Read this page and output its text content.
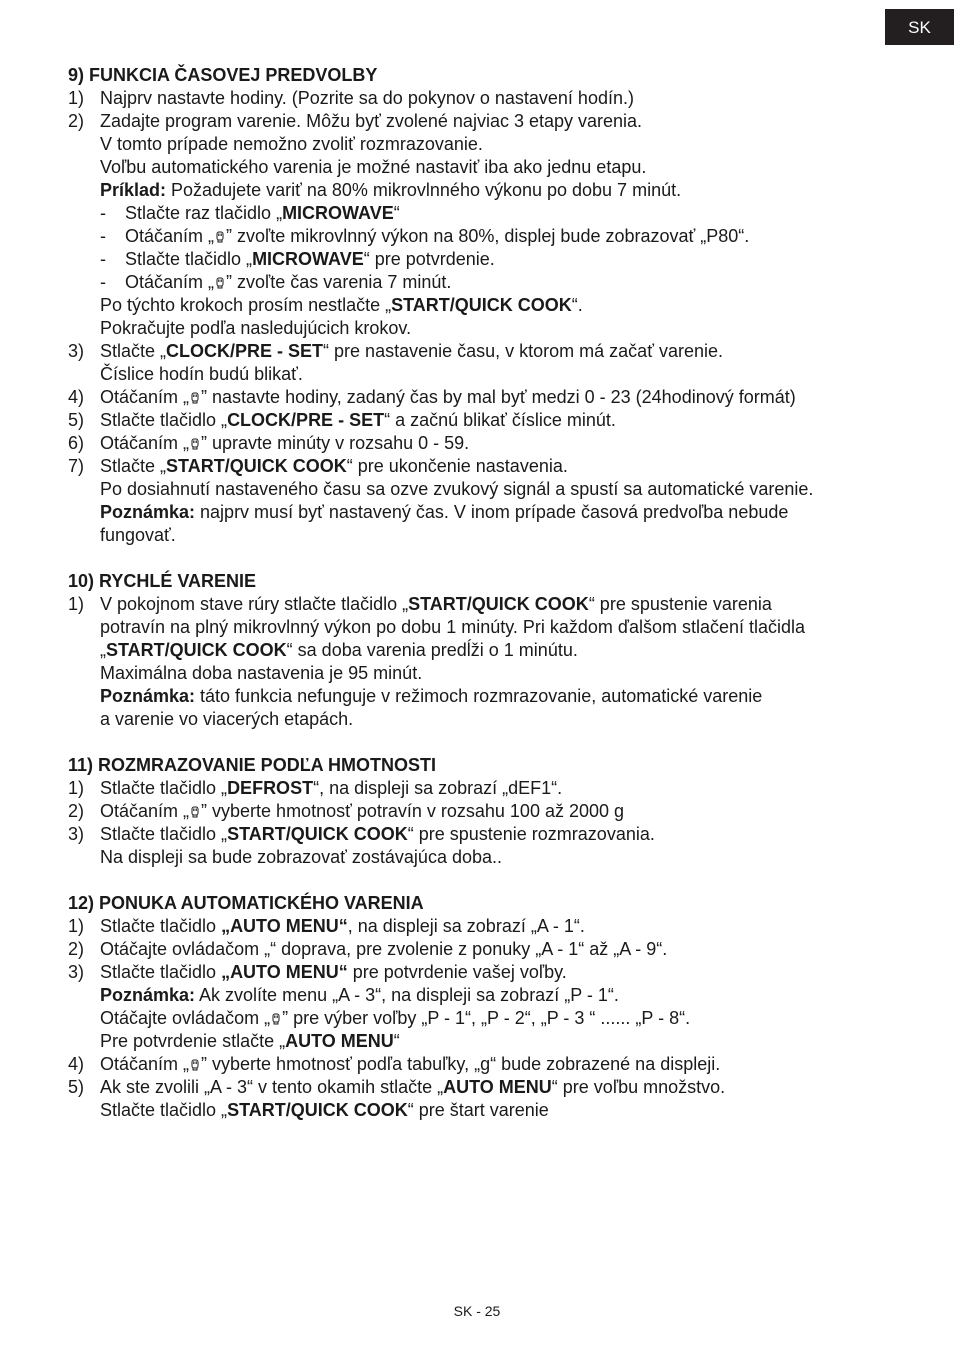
SK

9) FUNKCIA ČASOVEJ PREDVOLBY

1) Najprv nastavte hodiny. (Pozrite sa do pokynov o nastavení hodín.)
2) Zadajte program varenie. Môžu byť zvolené najviac 3 etapy varenia.
V tomto prípade nemožno zvoliť rozmrazovanie.
Voľbu automatického varenia je možné nastaviť iba ako jednu etapu.
Príklad: Požadujete variť na 80% mikrovlnného výkonu po dobu 7 minút.
- Stlačte raz tlačidlo „MICROWAVE“
- Otáčaním „ ” zvoľte mikrovlnný výkon na 80%, displej bude zobrazovať „P80“.
- Stlačte tlačidlo „MICROWAVE“ pre potvrdenie.
- Otáčaním „ ” zvoľte čas varenia 7 minút.
Po týchto krokoch prosím nestlačte „START/QUICK COOK“.
Pokračujte podľa nasledujúcich krokov.
3) Stlačte „CLOCK/PRE - SET“ pre nastavenie času, v ktorom má začať varenie.
Číslice hodín budú blikať.
4) Otáčaním „ ” nastavte hodiny, zadaný čas by mal byť medzi 0 - 23 (24hodinový formát)
5) Stlačte tlačidlo „CLOCK/PRE - SET“ a začnú blikať číslice minút.
6) Otáčaním „ ” upravte minúty v rozsahu 0 - 59.
7) Stlačte „START/QUICK COOK“ pre ukončenie nastavenia.
Po dosiahnutí nastaveného času sa ozve zvukový signál a spustí sa automatické varenie.
Poznámka: najprv musí byť nastavený čas. V inom prípade časová predvoľba nebude
fungovať.

10) RYCHLÉ VARENIE

1) V pokojnom stave rúry stlačte tlačidlo „START/QUICK COOK“ pre spustenie varenia
potravín na plný mikrovlnný výkon po dobu 1 minúty. Pri každom ďalšom stlačení tlačidla
„START/QUICK COOK“ sa doba varenia predĺži o 1 minútu.
Maximálna doba nastavenia je 95 minút.
Poznámka: táto funkcia nefunguje v režimoch rozmrazovanie, automatické varenie
a varenie vo viacerých etapách.

11) ROZMRAZOVANIE PODĽA HMOTNOSTI

1) Stlačte tlačidlo „DEFROST“, na displeji sa zobrazí „dEF1“.
2) Otáčaním „ ” vyberte hmotnosť potravín v rozsahu 100 až 2000 g
3) Stlačte tlačidlo „START/QUICK COOK“ pre spustenie rozmrazovania.
Na displeji sa bude zobrazovať zostávajúca doba..

12) PONUKA AUTOMATICKÉHO VARENIA

1) Stlačte tlačidlo „AUTO MENU“, na displeji sa zobrazí „A - 1“.
2) Otáčajte ovládačom „“ doprava, pre zvolenie z ponuky „A - 1“ až „A - 9“.
3) Stlačte tlačidlo „AUTO MENU“ pre potvrdenie vašej voľby.
Poznámka: Ak zvolíte menu „A - 3“, na displeji sa zobrazí „P - 1“.
Otáčajte ovládačom „ ” pre výber voľby „P - 1“, „P - 2“, „P - 3 “ ...... „P - 8“.
Pre potvrdenie stlačte „AUTO MENU“
4) Otáčaním „ ” vyberte hmotnosť podľa tabuľky, „g“ bude zobrazené na displeji.
5) Ak ste zvolili „A - 3“ v tento okamih stlačte „AUTO MENU“ pre voľbu množstvo.
Stlačte tlačidlo „START/QUICK COOK“ pre štart varenie
SK - 25
